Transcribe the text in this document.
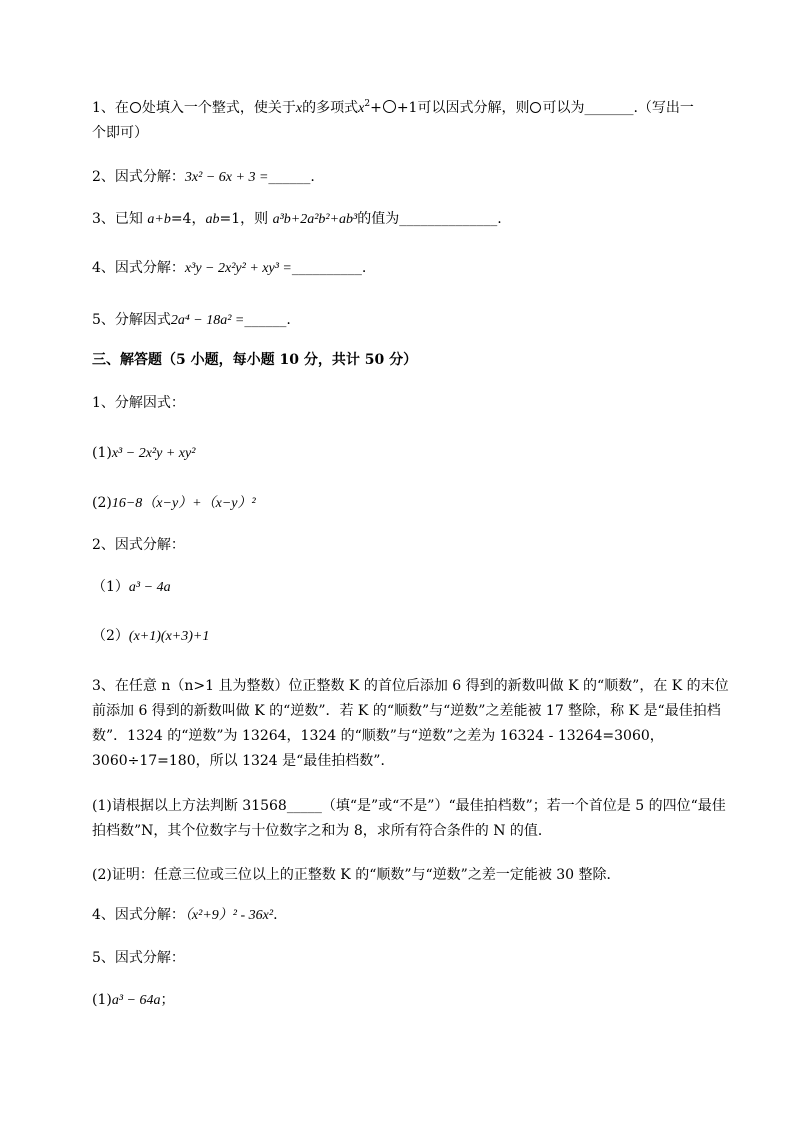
1、在 处填入一个整式，使关于x的多项式$x^2+ +1$可以因式分解，则 可以为_______.（写出一
个即可）
2、因式分解：3x² − 6x + 3 =______.
3、已知 a+b=4，ab=1，则 a³b+2a²b²+ab³的值为______________.
4、因式分解：x³y − 2x²y² + xy³ =__________.
5、分解因式2a⁴ − 18a² =______.
三、解答题（5 小题，每小题 10 分，共计 50 分）
1、分解因式：
(1)x³ − 2x²y + xy²
(2)16−8（x−y）+（x−y）²
2、因式分解：
（1）a³ − 4a
（2）(x+1)(x+3)+1
3、在任意 n（n>1 且为整数）位正整数 K 的首位后添加 6 得到的新数叫做 K 的“顺数”，在 K 的末位前添加 6 得到的新数叫做 K 的“逆数”．若 K 的“顺数”与“逆数”之差能被 17 整除，称 K 是“最佳拍档数”．1324 的“逆数”为 13264，1324 的“顺数”与“逆数”之差为 16324 - 13264=3060，3060÷17=180，所以 1324 是“最佳拍档数”．
(1)请根据以上方法判断 31568_____（填“是”或“不是”）“最佳拍档数”；若一个首位是 5 的四位“最佳拍档数”N，其个位数字与十位数字之和为 8，求所有符合条件的 N 的值．
(2)证明：任意三位或三位以上的正整数 K 的“顺数”与“逆数”之差一定能被 30 整除．
4、因式分解：（x²+9）² - 36x².
5、因式分解：
(1)a³ − 64a；
